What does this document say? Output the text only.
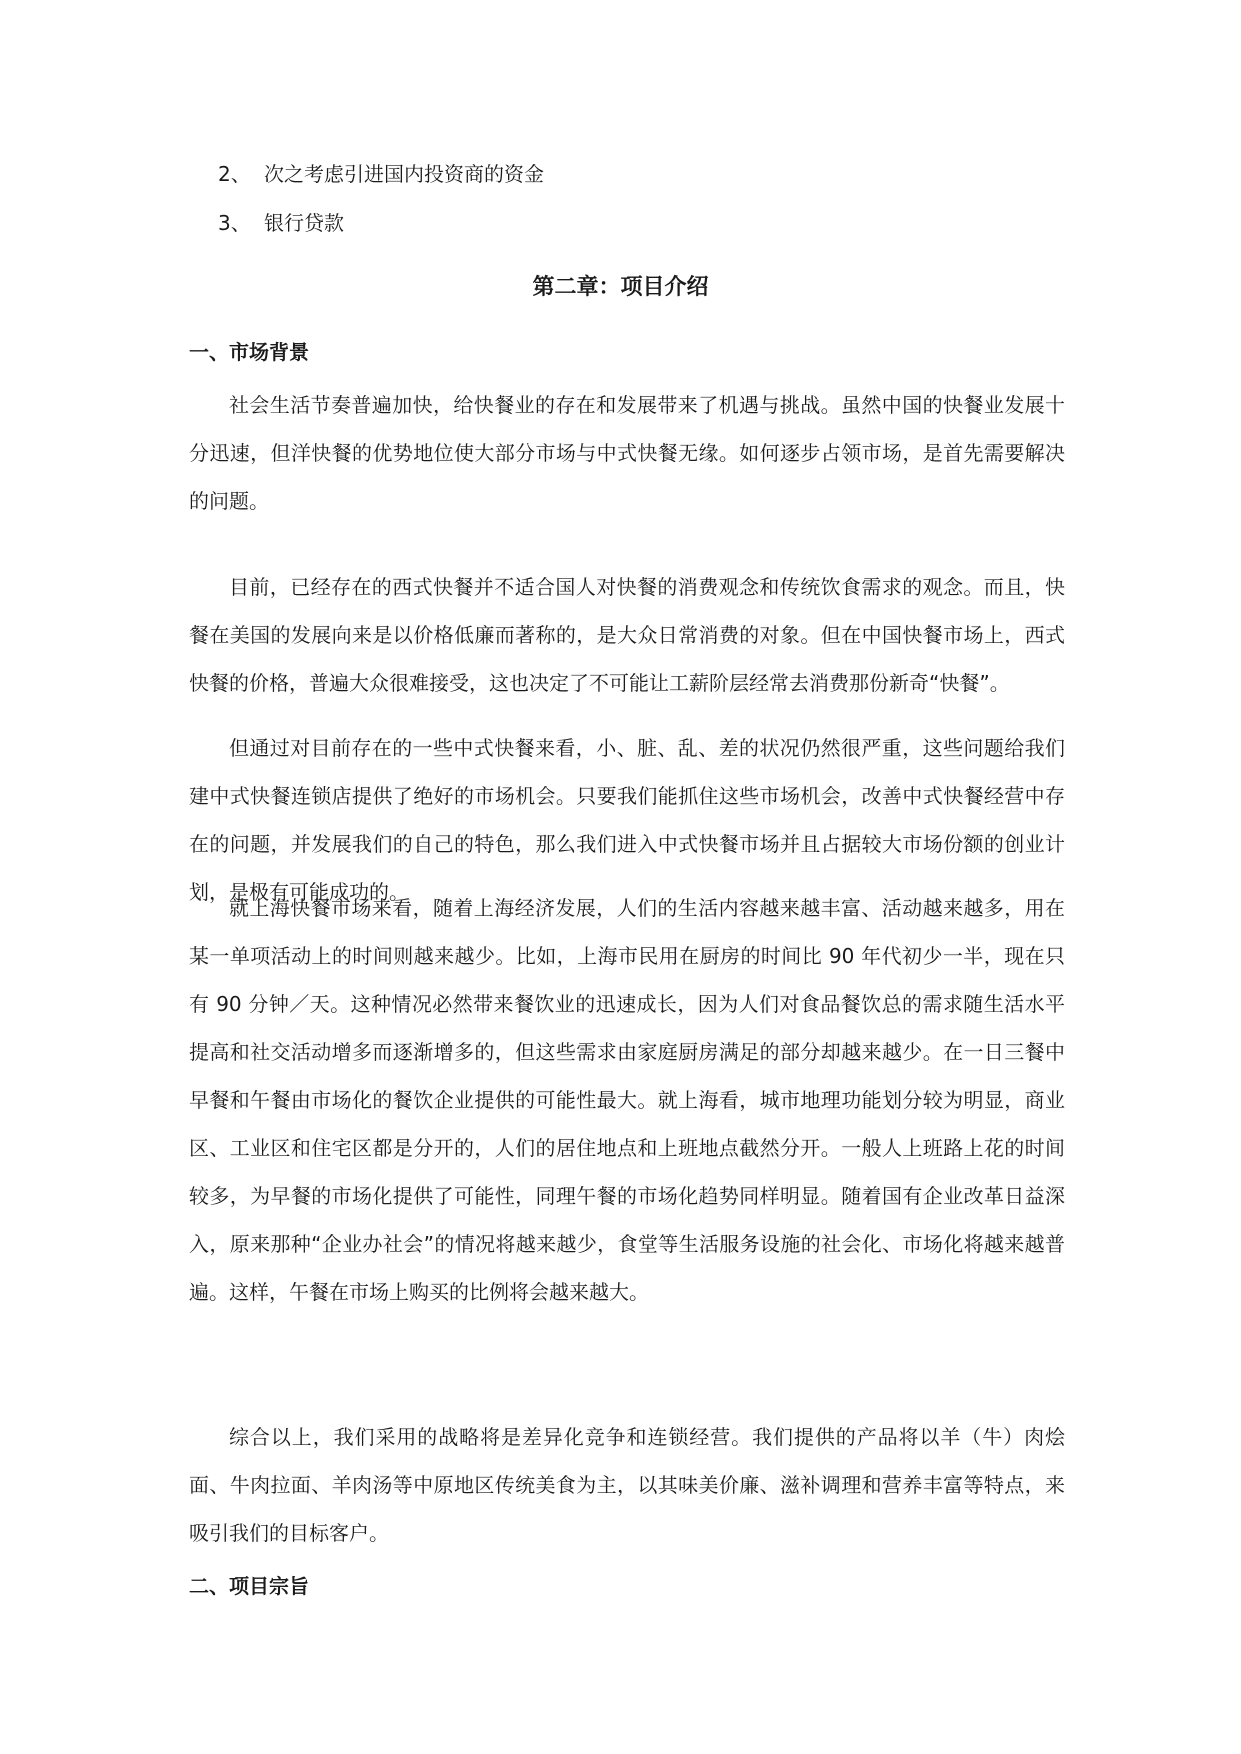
2、 次之考虑引进国内投资商的资金
3、 银行贷款
第二章：项目介绍
一、市场背景

社会生活节奏普遍加快，给快餐业的存在和发展带来了机遇与挑战。虽然中国的快餐业发展十分迅速，但洋快餐的优势地位使大部分市场与中式快餐无缘。如何逐步占领市场，是首先需要解决的问题。

目前，已经存在的西式快餐并不适合国人对快餐的消费观念和传统饮食需求的观念。而且，快餐在美国的发展向来是以价格低廉而著称的，是大众日常消费的对象。但在中国快餐市场上，西式快餐的价格，普遍大众很难接受，这也决定了不可能让工薪阶层经常去消费那份新奇“快餐”。

但通过对目前存在的一些中式快餐来看，小、脏、乱、差的状况仍然很严重，这些问题给我们建中式快餐连锁店提供了绝好的市场机会。只要我们能抓住这些市场机会，改善中式快餐经营中存在的问题，并发展我们的自己的特色，那么我们进入中式快餐市场并且占据较大市场份额的创业计划，是极有可能成功的。

就上海快餐市场来看，随着上海经济发展，人们的生活内容越来越丰富、活动越来越多，用在某一单项活动上的时间则越来越少。比如，上海市民用在厨房的时间比 90 年代初少一半，现在只有 90 分钟／天。这种情况必然带来餐饮业的迅速成长，因为人们对食品餐饮总的需求随生活水平提高和社交活动增多而逐渐增多的，但这些需求由家庭厨房满足的部分却越来越少。在一日三餐中早餐和午餐由市场化的餐饮企业提供的可能性最大。就上海看，城市地理功能划分较为明显，商业区、工业区和住宅区都是分开的，人们的居住地点和上班地点截然分开。一般人上班路上花的时间较多，为早餐的市场化提供了可能性，同理午餐的市场化趋势同样明显。随着国有企业改革日益深入，原来那种“企业办社会”的情况将越来越少，食堂等生活服务设施的社会化、市场化将越来越普遍。这样，午餐在市场上购买的比例将会越来越大。

综合以上，我们采用的战略将是差异化竞争和连锁经营。我们提供的产品将以羊（牛）肉烩面、牛肉拉面、羊肉汤等中原地区传统美食为主，以其味美价廉、滋补调理和营养丰富等特点，来吸引我们的目标客户。

二、项目宗旨
